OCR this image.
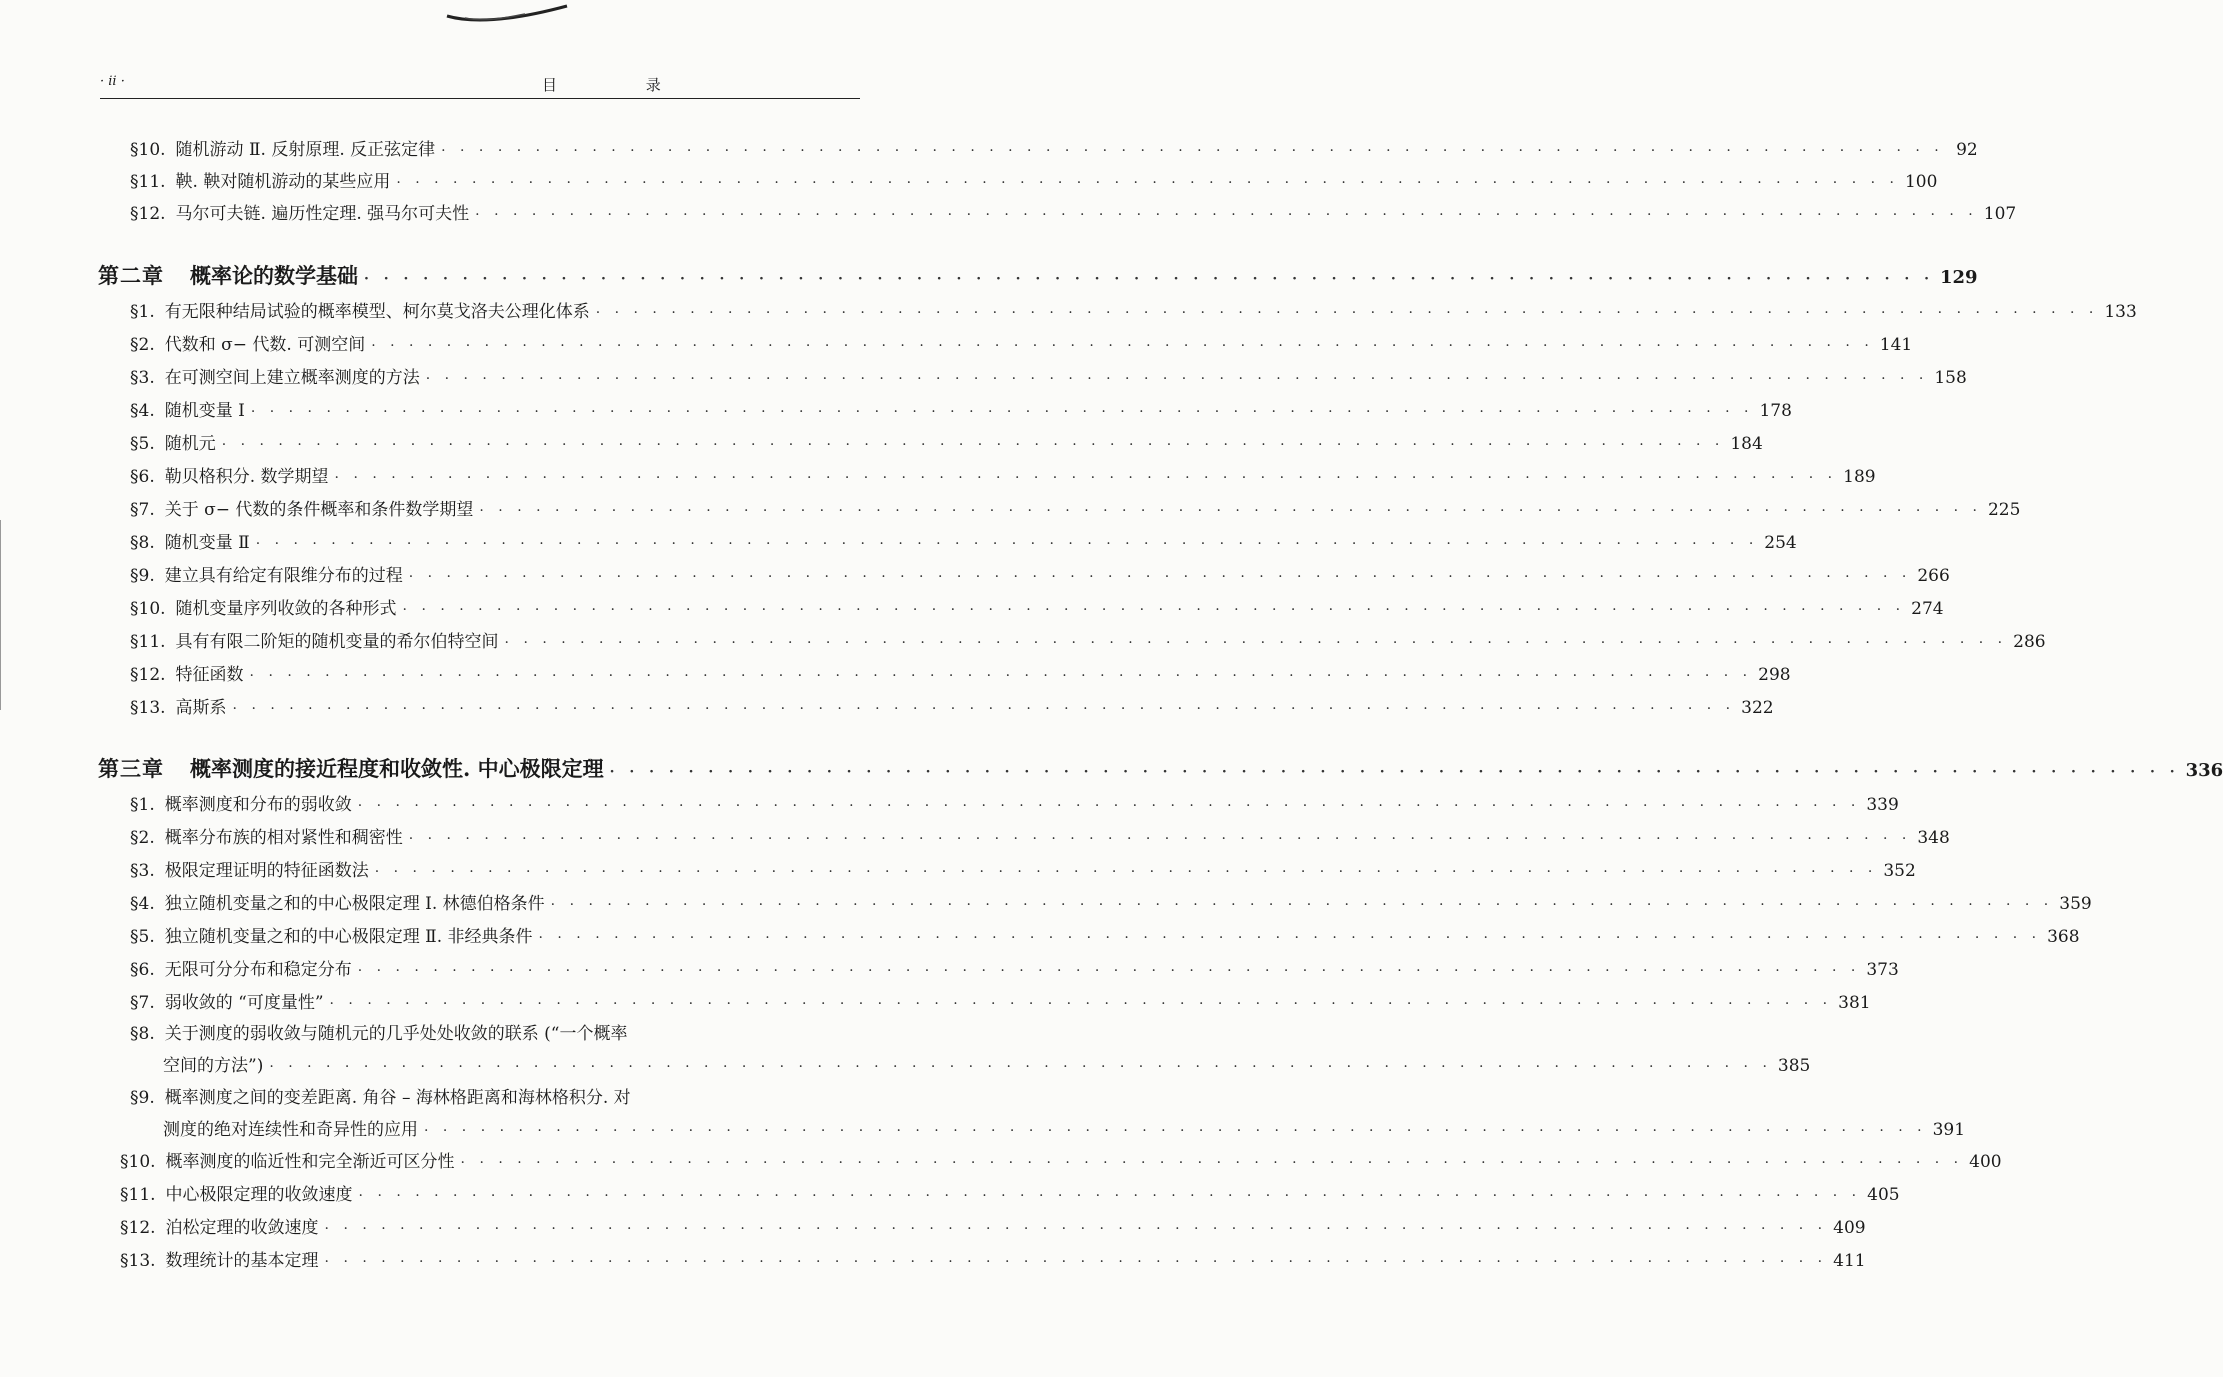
· ii ·	目 录
§10. 随机游动 Ⅱ. 反射原理. 反正弦定律 · · · · · · · · · · · · · · · · · · · · · · · · · · · · · · · · · · · · · · · · · · · · · · · · · · · · · · · · · · · · · · · · · · · · · · · · · · · · · · · · 92
§11. 鞅. 鞅对随机游动的某些应用 · · · · · · · · · · · · · · · · · · · · · · · · · · · · · · · · · · · · · · · · · · · · · · · · · · · · · · · · · · · · · · · · · · · · · · · · · · · · · · · · 100
§12. 马尔可夫链. 遍历性定理. 强马尔可夫性 · · · · · · · · · · · · · · · · · · · · · · · · · · · · · · · · · · · · · · · · · · · · · · · · · · · · · · · · · · · · · · · · · · · · · · · · · · · · · · · · 107
第二章 概率论的数学基础 · · · · · · · · · · · · · · · · · · · · · · · · · · · · · · · · · · · · · · · · · · · · · · · · · · · · · · · · · · · · · · · · · · · · · · · · · · · · · · · · 129
§1. 有无限种结局试验的概率模型、柯尔莫戈洛夫公理化体系 · · · · · · · · · · · · · · · · · · · · · · · · · · · · · · · · · · · · · · · · · · · · · · · · · · · · · · · · · · · · · · · · · · · · · · · · · · · · · · · · 133
§2. 代数和 σ− 代数. 可测空间 · · · · · · · · · · · · · · · · · · · · · · · · · · · · · · · · · · · · · · · · · · · · · · · · · · · · · · · · · · · · · · · · · · · · · · · · · · · · · · · · 141
§3. 在可测空间上建立概率测度的方法 · · · · · · · · · · · · · · · · · · · · · · · · · · · · · · · · · · · · · · · · · · · · · · · · · · · · · · · · · · · · · · · · · · · · · · · · · · · · · · · · 158
§4. 随机变量 I · · · · · · · · · · · · · · · · · · · · · · · · · · · · · · · · · · · · · · · · · · · · · · · · · · · · · · · · · · · · · · · · · · · · · · · · · · · · · · · · 178
§5. 随机元 · · · · · · · · · · · · · · · · · · · · · · · · · · · · · · · · · · · · · · · · · · · · · · · · · · · · · · · · · · · · · · · · · · · · · · · · · · · · · · · · 184
§6. 勒贝格积分. 数学期望 · · · · · · · · · · · · · · · · · · · · · · · · · · · · · · · · · · · · · · · · · · · · · · · · · · · · · · · · · · · · · · · · · · · · · · · · · · · · · · · · 189
§7. 关于 σ− 代数的条件概率和条件数学期望 · · · · · · · · · · · · · · · · · · · · · · · · · · · · · · · · · · · · · · · · · · · · · · · · · · · · · · · · · · · · · · · · · · · · · · · · · · · · · · · · 225
§8. 随机变量 Ⅱ · · · · · · · · · · · · · · · · · · · · · · · · · · · · · · · · · · · · · · · · · · · · · · · · · · · · · · · · · · · · · · · · · · · · · · · · · · · · · · · · 254
§9. 建立具有给定有限维分布的过程 · · · · · · · · · · · · · · · · · · · · · · · · · · · · · · · · · · · · · · · · · · · · · · · · · · · · · · · · · · · · · · · · · · · · · · · · · · · · · · · · 266
§10. 随机变量序列收敛的各种形式 · · · · · · · · · · · · · · · · · · · · · · · · · · · · · · · · · · · · · · · · · · · · · · · · · · · · · · · · · · · · · · · · · · · · · · · · · · · · · · · · 274
§11. 具有有限二阶矩的随机变量的希尔伯特空间 · · · · · · · · · · · · · · · · · · · · · · · · · · · · · · · · · · · · · · · · · · · · · · · · · · · · · · · · · · · · · · · · · · · · · · · · · · · · · · · · 286
§12. 特征函数 · · · · · · · · · · · · · · · · · · · · · · · · · · · · · · · · · · · · · · · · · · · · · · · · · · · · · · · · · · · · · · · · · · · · · · · · · · · · · · · · 298
§13. 高斯系 · · · · · · · · · · · · · · · · · · · · · · · · · · · · · · · · · · · · · · · · · · · · · · · · · · · · · · · · · · · · · · · · · · · · · · · · · · · · · · · · 322
第三章 概率测度的接近程度和收敛性. 中心极限定理 · · · · · · · · · · · · · · · · · · · · · · · · · · · · · · · · · · · · · · · · · · · · · · · · · · · · · · · · · · · · · · · · · · · · · · · · · · · · · · · · 336
§1. 概率测度和分布的弱收敛 · · · · · · · · · · · · · · · · · · · · · · · · · · · · · · · · · · · · · · · · · · · · · · · · · · · · · · · · · · · · · · · · · · · · · · · · · · · · · · · · 339
§2. 概率分布族的相对紧性和稠密性 · · · · · · · · · · · · · · · · · · · · · · · · · · · · · · · · · · · · · · · · · · · · · · · · · · · · · · · · · · · · · · · · · · · · · · · · · · · · · · · · 348
§3. 极限定理证明的特征函数法 · · · · · · · · · · · · · · · · · · · · · · · · · · · · · · · · · · · · · · · · · · · · · · · · · · · · · · · · · · · · · · · · · · · · · · · · · · · · · · · · 352
§4. 独立随机变量之和的中心极限定理 I. 林德伯格条件 · · · · · · · · · · · · · · · · · · · · · · · · · · · · · · · · · · · · · · · · · · · · · · · · · · · · · · · · · · · · · · · · · · · · · · · · · · · · · · · · 359
§5. 独立随机变量之和的中心极限定理 Ⅱ. 非经典条件 · · · · · · · · · · · · · · · · · · · · · · · · · · · · · · · · · · · · · · · · · · · · · · · · · · · · · · · · · · · · · · · · · · · · · · · · · · · · · · · · 368
§6. 无限可分分布和稳定分布 · · · · · · · · · · · · · · · · · · · · · · · · · · · · · · · · · · · · · · · · · · · · · · · · · · · · · · · · · · · · · · · · · · · · · · · · · · · · · · · · 373
§7. 弱收敛的 “可度量性” · · · · · · · · · · · · · · · · · · · · · · · · · · · · · · · · · · · · · · · · · · · · · · · · · · · · · · · · · · · · · · · · · · · · · · · · · · · · · · · · 381
§8. 关于测度的弱收敛与随机元的几乎处处收敛的联系 (“一个概率
空间的方法”) · · · · · · · · · · · · · · · · · · · · · · · · · · · · · · · · · · · · · · · · · · · · · · · · · · · · · · · · · · · · · · · · · · · · · · · · · · · · · · · · 385
§9. 概率测度之间的变差距离. 角谷 – 海林格距离和海林格积分. 对
测度的绝对连续性和奇异性的应用 · · · · · · · · · · · · · · · · · · · · · · · · · · · · · · · · · · · · · · · · · · · · · · · · · · · · · · · · · · · · · · · · · · · · · · · · · · · · · · · · 391
§10. 概率测度的临近性和完全渐近可区分性 · · · · · · · · · · · · · · · · · · · · · · · · · · · · · · · · · · · · · · · · · · · · · · · · · · · · · · · · · · · · · · · · · · · · · · · · · · · · · · · · 400
§11. 中心极限定理的收敛速度 · · · · · · · · · · · · · · · · · · · · · · · · · · · · · · · · · · · · · · · · · · · · · · · · · · · · · · · · · · · · · · · · · · · · · · · · · · · · · · · · 405
§12. 泊松定理的收敛速度 · · · · · · · · · · · · · · · · · · · · · · · · · · · · · · · · · · · · · · · · · · · · · · · · · · · · · · · · · · · · · · · · · · · · · · · · · · · · · · · · 409
§13. 数理统计的基本定理 · · · · · · · · · · · · · · · · · · · · · · · · · · · · · · · · · · · · · · · · · · · · · · · · · · · · · · · · · · · · · · · · · · · · · · · · · · · · · · · · 411
